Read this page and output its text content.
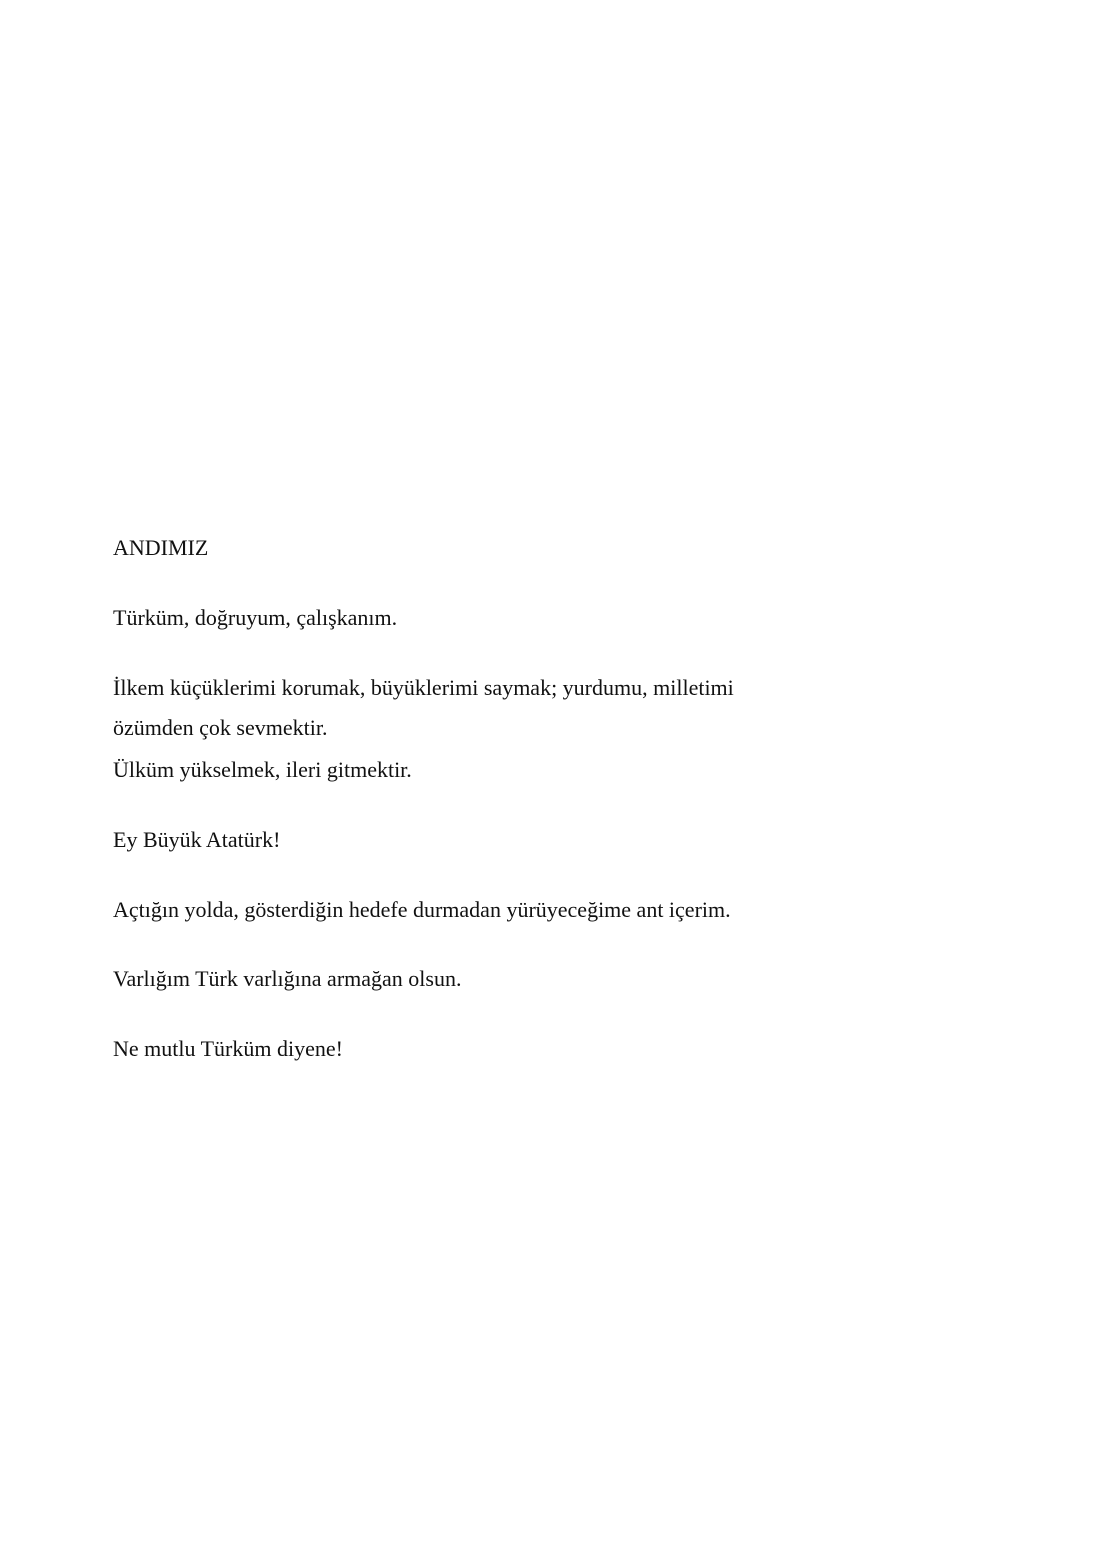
ANDIMIZ

Türküm, doğruyum, çalışkanım.

İlkem küçüklerimi korumak, büyüklerimi saymak; yurdumu, milletimi

özümden çok sevmektir.

Ülküm yükselmek, ileri gitmektir.

Ey Büyük Atatürk!

Açtığın yolda, gösterdiğin hedefe durmadan yürüyeceğime ant içerim.

Varlığım Türk varlığına armağan olsun.

Ne mutlu Türküm diyene!
